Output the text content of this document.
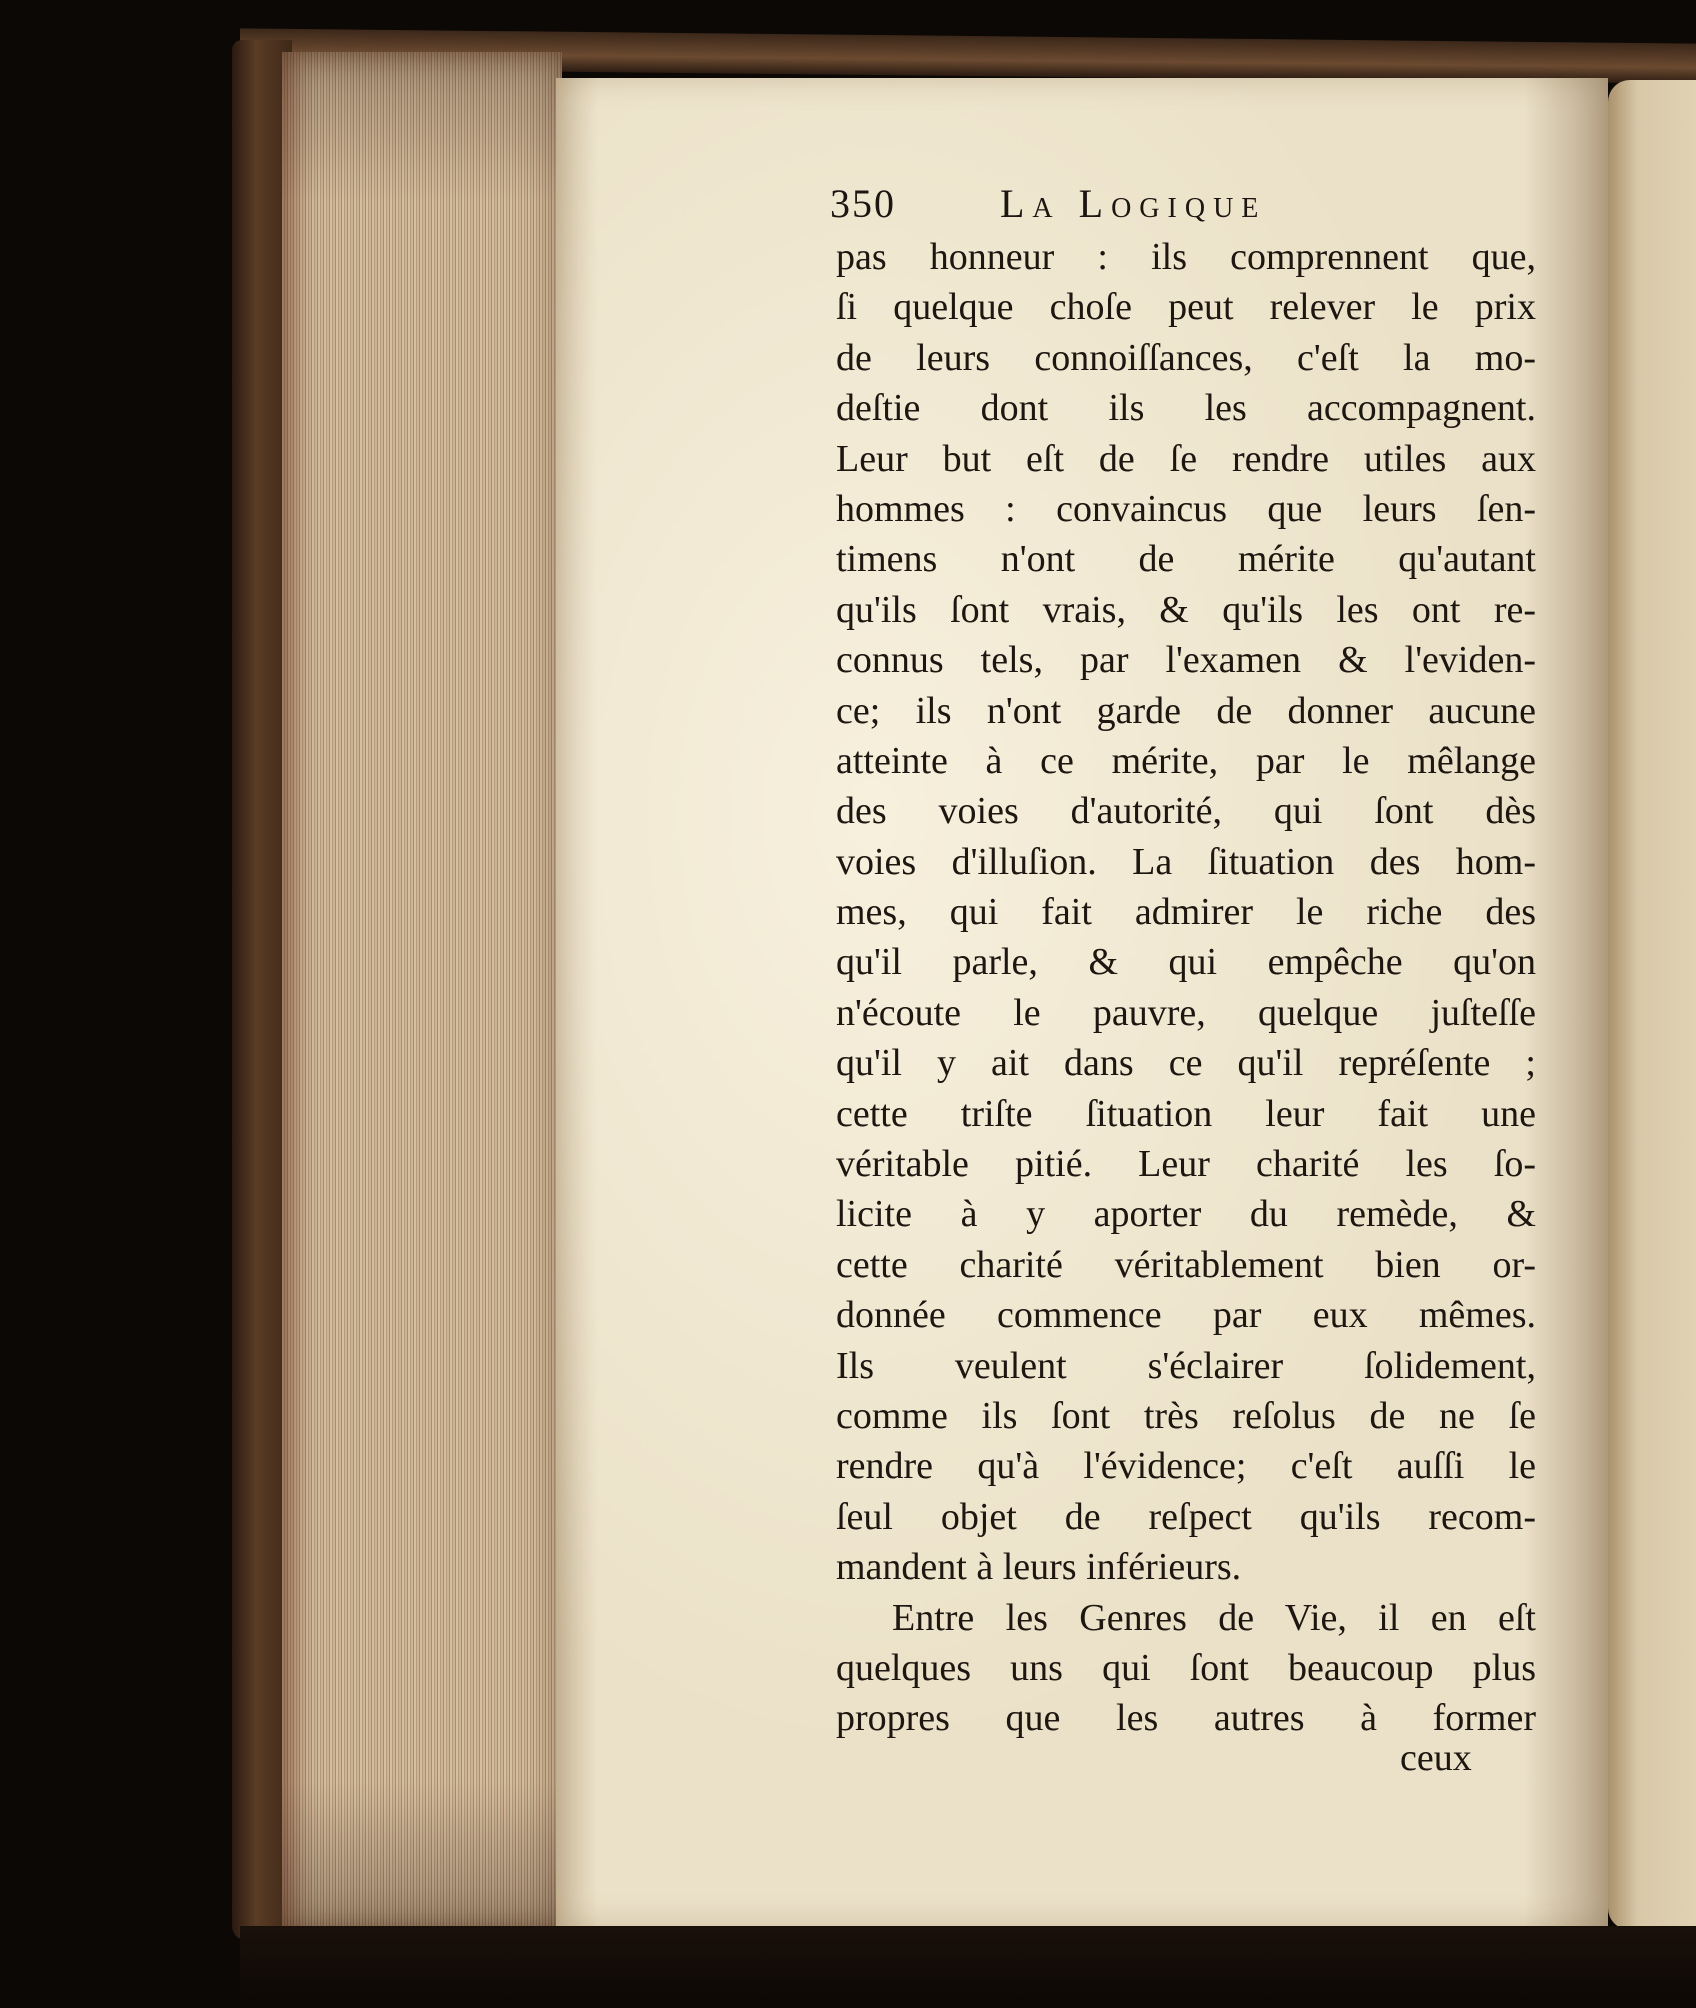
350	La Logique
pas honneur : ils comprennent que,
ſi quelque choſe peut relever le prix
de leurs connoiſſances, c'eſt la mo-
deſtie dont ils les accompagnent.
Leur but eſt de ſe rendre utiles aux
hommes : convaincus que leurs ſen-
timens n'ont de mérite qu'autant
qu'ils ſont vrais, & qu'ils les ont re-
connus tels, par l'examen & l'eviden-
ce; ils n'ont garde de donner aucune
atteinte à ce mérite, par le mêlange
des voies d'autorité, qui ſont dès
voies d'illuſion. La ſituation des hom-
mes, qui fait admirer le riche des
qu'il parle, & qui empêche qu'on
n'écoute le pauvre, quelque juſteſſe
qu'il y ait dans ce qu'il repréſente ;
cette triſte ſituation leur fait une
véritable pitié. Leur charité les ſo-
licite à y aporter du remède, &
cette charité véritablement bien or-
donnée commence par eux mêmes.
Ils veulent s'éclairer ſolidement,
comme ils ſont très reſolus de ne ſe
rendre qu'à l'évidence; c'eſt auſſi le
ſeul objet de reſpect qu'ils recom-
mandent à leurs inférieurs.
Entre les Genres de Vie, il en eſt
quelques uns qui ſont beaucoup plus
propres que les autres à former
ceux
